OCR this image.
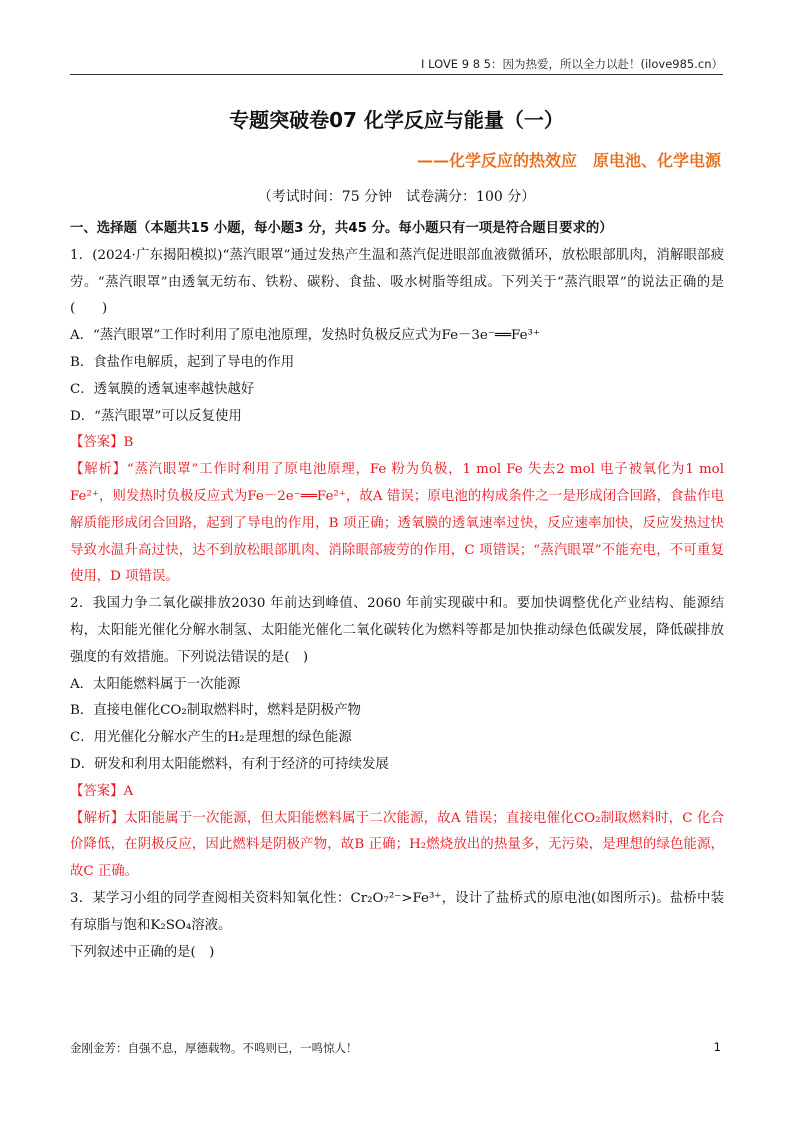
I LOVE 9 8 5：因为热爱，所以全力以赴！(ilove985.cn）
专题突破卷07 化学反应与能量（一）
——化学反应的热效应　原电池、化学电源
（考试时间：75 分钟　试卷满分：100 分）

一、选择题（本题共15 小题，每小题3 分，共45 分。每小题只有一项是符合题目要求的）

1．(2024·广东揭阳模拟)“蒸汽眼罩”通过发热产生温和蒸汽促进眼部血液微循环，放松眼部肌肉，消解眼部疲劳。“蒸汽眼罩”由透氧无纺布、铁粉、碳粉、食盐、吸水树脂等组成。下列关于“蒸汽眼罩”的说法正确的是(　　)

A．“蒸汽眼罩”工作时利用了原电池原理，发热时负极反应式为Fe－3e⁻══Fe³⁺

B．食盐作电解质，起到了导电的作用

C．透氧膜的透氧速率越快越好

D．“蒸汽眼罩”可以反复使用

【答案】B

【解析】“蒸汽眼罩”工作时利用了原电池原理，Fe 粉为负极，1 mol Fe 失去2 mol 电子被氧化为1 mol Fe²⁺，则发热时负极反应式为Fe－2e⁻══Fe²⁺，故A 错误；原电池的构成条件之一是形成闭合回路，食盐作电解质能形成闭合回路，起到了导电的作用，B 项正确；透氧膜的透氧速率过快，反应速率加快，反应发热过快导致水温升高过快，达不到放松眼部肌肉、消除眼部疲劳的作用，C 项错误；“蒸汽眼罩”不能充电，不可重复使用，D 项错误。

2．我国力争二氧化碳排放2030 年前达到峰值、2060 年前实现碳中和。要加快调整优化产业结构、能源结构，太阳能光催化分解水制氢、太阳能光催化二氧化碳转化为燃料等都是加快推动绿色低碳发展，降低碳排放强度的有效措施。下列说法错误的是(　)

A．太阳能燃料属于一次能源

B．直接电催化CO₂制取燃料时，燃料是阴极产物

C．用光催化分解水产生的H₂是理想的绿色能源

D．研发和利用太阳能燃料，有利于经济的可持续发展

【答案】A

【解析】太阳能属于一次能源，但太阳能燃料属于二次能源，故A 错误；直接电催化CO₂制取燃料时，C 化合价降低，在阴极反应，因此燃料是阴极产物，故B 正确；H₂燃烧放出的热量多，无污染，是理想的绿色能源，故C 正确。

3．某学习小组的同学查阅相关资料知氧化性：Cr₂O₇²⁻>Fe³⁺，设计了盐桥式的原电池(如图所示)。盐桥中装有琼脂与饱和K₂SO₄溶液。

下列叙述中正确的是(　)

金刚金芳：自强不息，厚德载物。不鸣则已，一鸣惊人！	1
